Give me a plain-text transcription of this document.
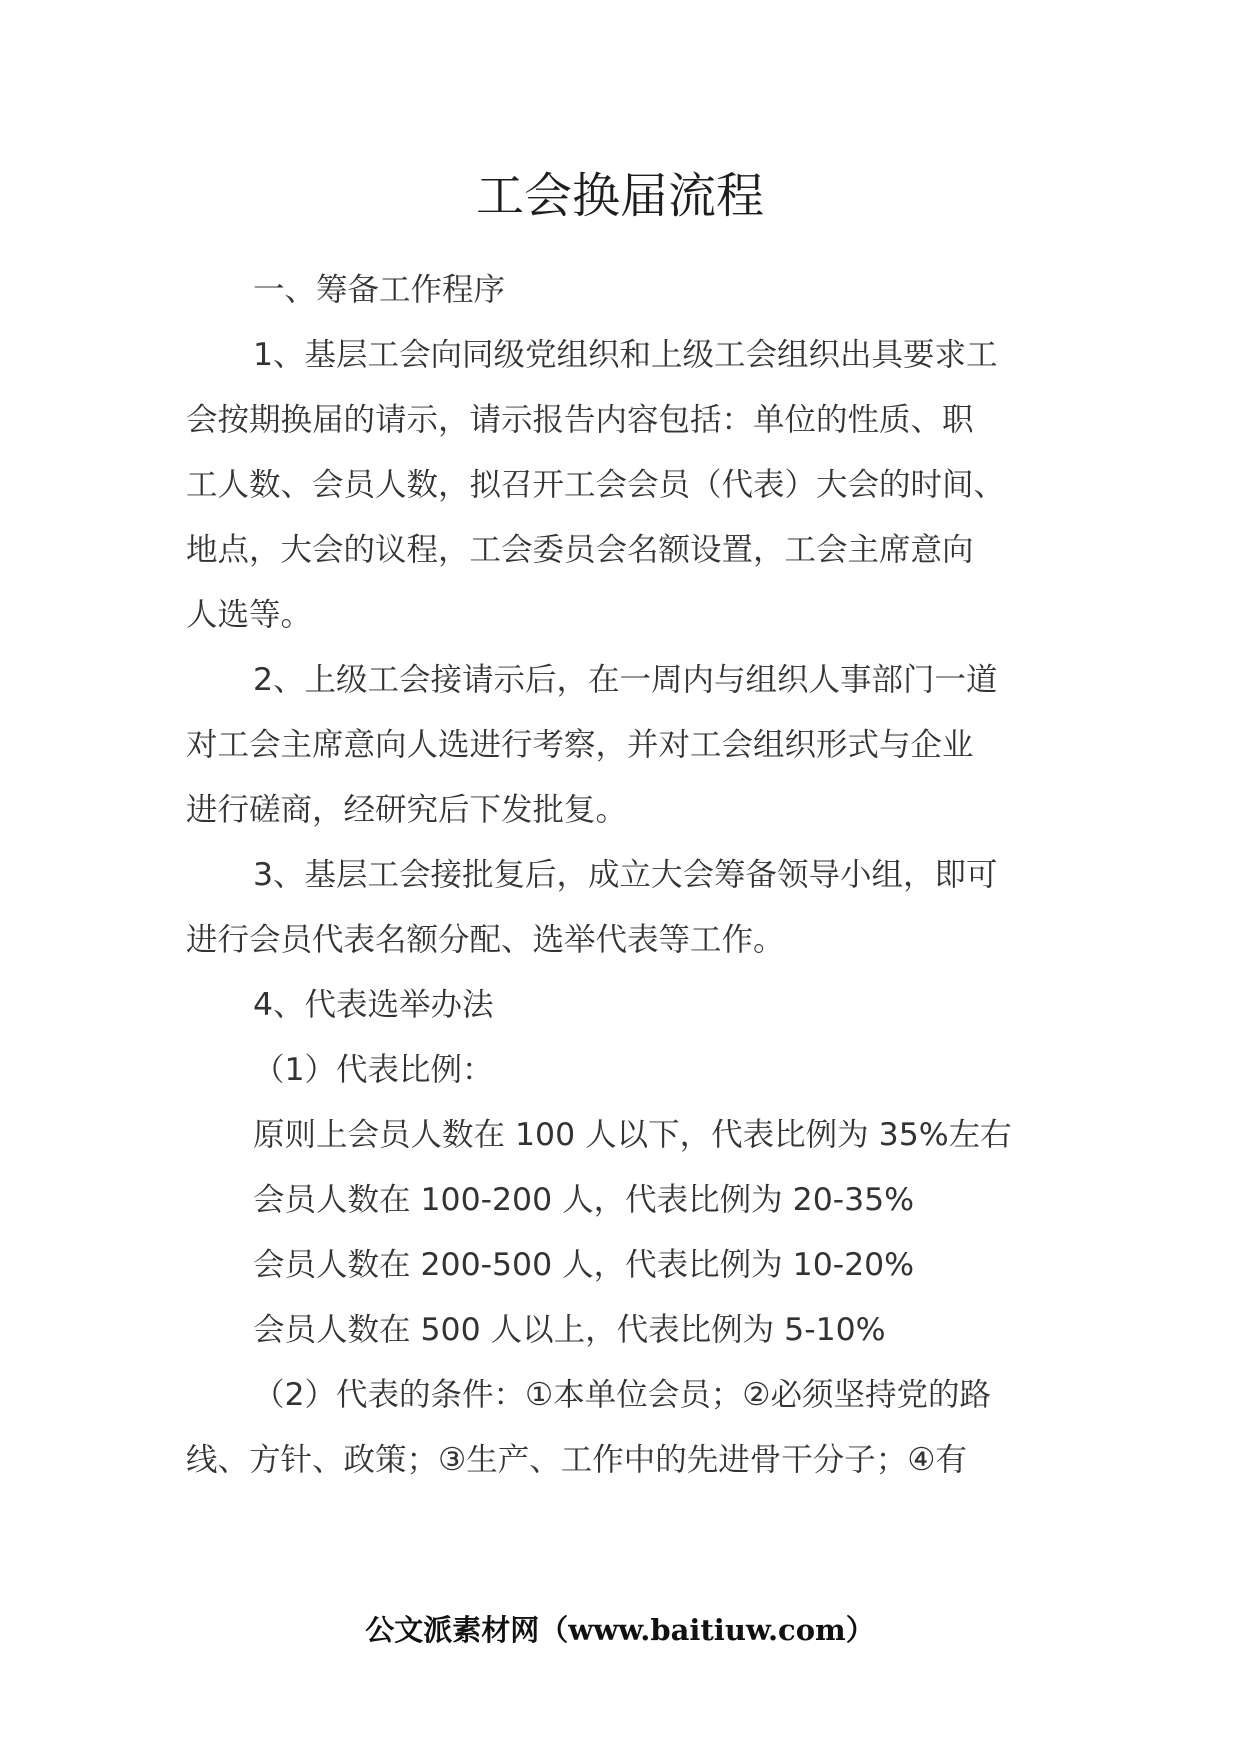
工会换届流程
一、筹备工作程序
1、基层工会向同级党组织和上级工会组织出具要求工
会按期换届的请示，请示报告内容包括：单位的性质、职
工人数、会员人数，拟召开工会会员（代表）大会的时间、
地点，大会的议程，工会委员会名额设置，工会主席意向
人选等。
2、上级工会接请示后，在一周内与组织人事部门一道
对工会主席意向人选进行考察，并对工会组织形式与企业
进行磋商，经研究后下发批复。
3、基层工会接批复后，成立大会筹备领导小组，即可
进行会员代表名额分配、选举代表等工作。
4、代表选举办法
（1）代表比例：
原则上会员人数在 100 人以下，代表比例为 35%左右
会员人数在 100-200 人，代表比例为 20-35%
会员人数在 200-500 人，代表比例为 10-20%
会员人数在 500 人以上，代表比例为 5-10%
（2）代表的条件：①本单位会员；②必须坚持党的路
线、方针、政策；③生产、工作中的先进骨干分子；④有
公文派素材网（www.baitiuw.com）
